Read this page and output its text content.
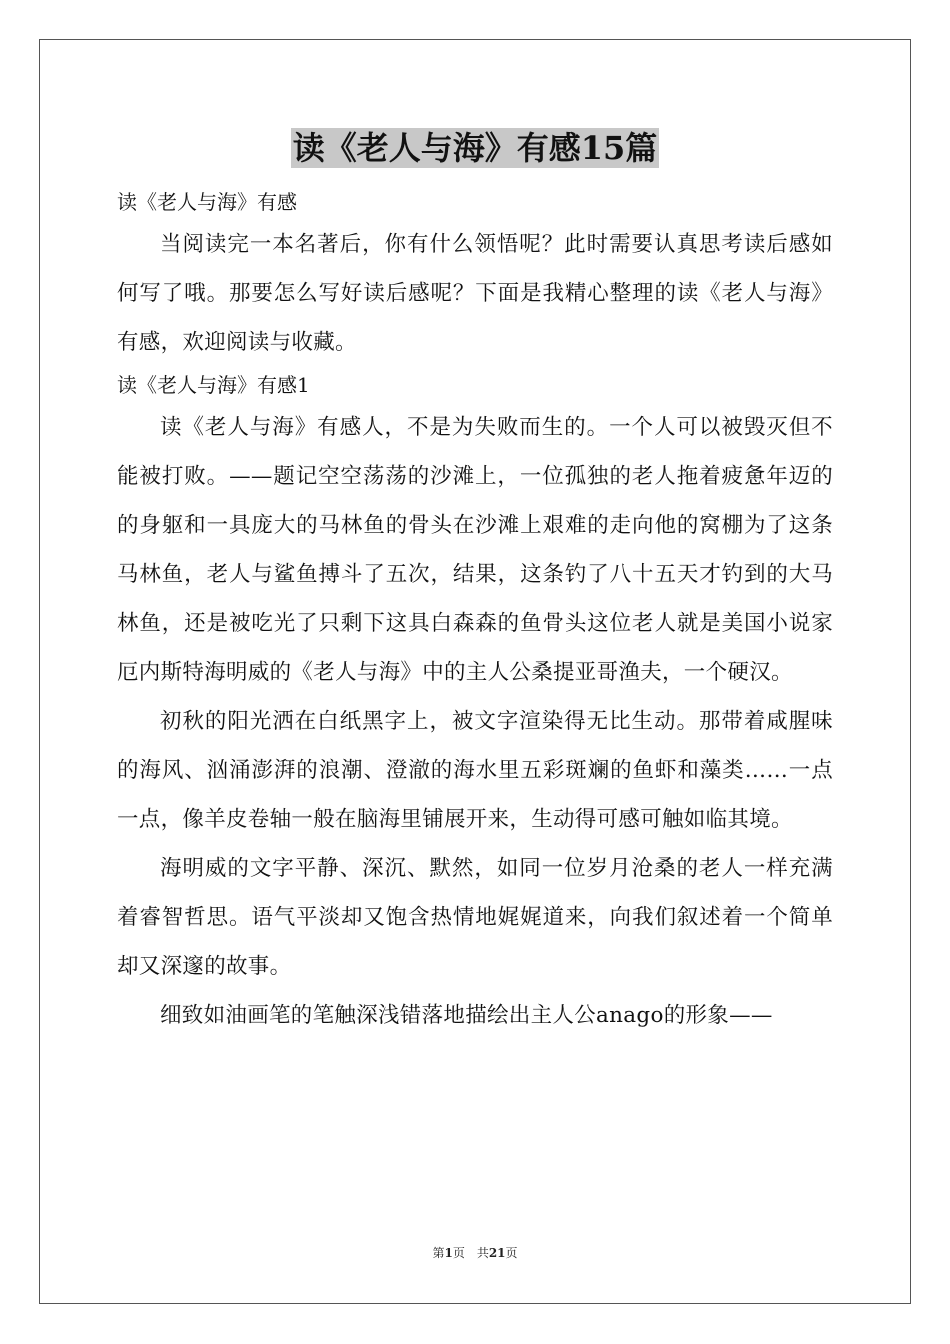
读《老人与海》有感15篇

读《老人与海》有感

当阅读完一本名著后，你有什么领悟呢？此时需要认真思考读后感如何写了哦。那要怎么写好读后感呢？下面是我精心整理的读《老人与海》有感，欢迎阅读与收藏。

读《老人与海》有感1

读《老人与海》有感人，不是为失败而生的。一个人可以被毁灭但不能被打败。——题记空空荡荡的沙滩上，一位孤独的老人拖着疲惫年迈的的身躯和一具庞大的马林鱼的骨头在沙滩上艰难的走向他的窝棚为了这条马林鱼，老人与鲨鱼搏斗了五次，结果，这条钓了八十五天才钓到的大马林鱼，还是被吃光了只剩下这具白森森的鱼骨头这位老人就是美国小说家厄内斯特海明威的《老人与海》中的主人公桑提亚哥渔夫，一个硬汉。

初秋的阳光洒在白纸黑字上，被文字渲染得无比生动。那带着咸腥味的海风、汹涌澎湃的浪潮、澄澈的海水里五彩斑斓的鱼虾和藻类……一点一点，像羊皮卷轴一般在脑海里铺展开来，生动得可感可触如临其境。

海明威的文字平静、深沉、默然，如同一位岁月沧桑的老人一样充满着睿智哲思。语气平淡却又饱含热情地娓娓道来，向我们叙述着一个简单却又深邃的故事。

细致如油画笔的笔触深浅错落地描绘出主人公anago的形象——

第1页　共21页
